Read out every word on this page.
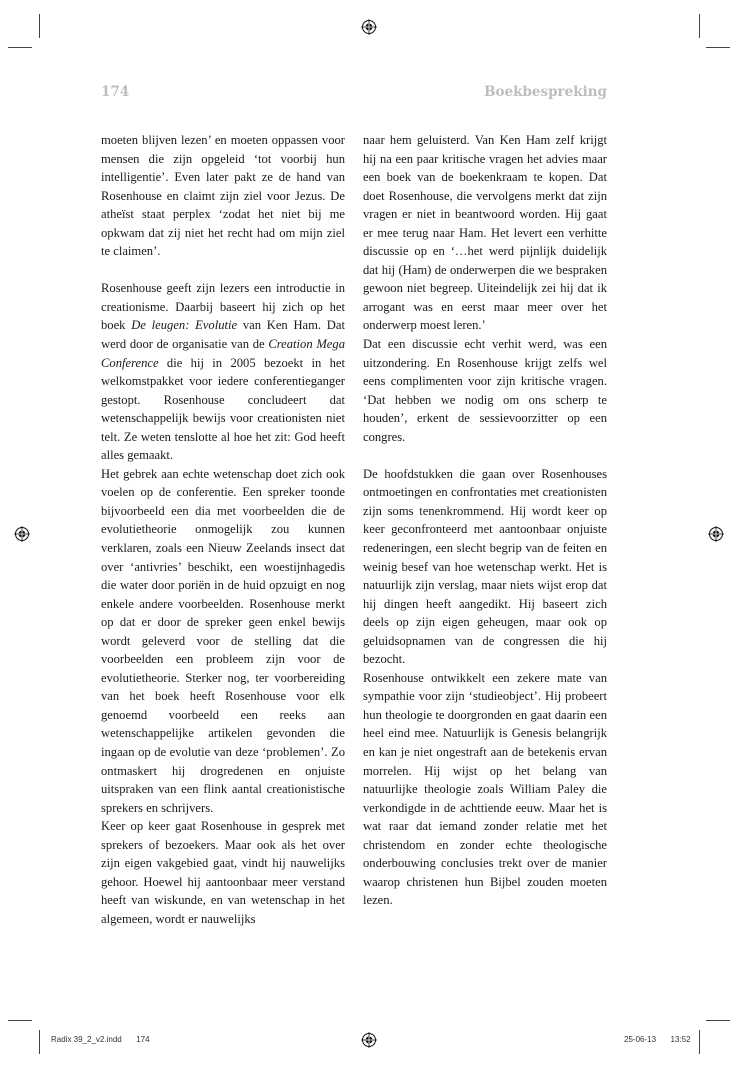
174	Boekbespreking

moeten blijven lezen’ en moeten oppassen voor mensen die zijn opgeleid ‘tot voorbij hun intelligentie’. Even later pakt ze de hand van Rosenhouse en claimt zijn ziel voor Jezus. De atheïst staat perplex ‘zodat het niet bij me opkwam dat zij niet het recht had om mijn ziel te claimen’.

Rosenhouse geeft zijn lezers een introductie in creationisme. Daarbij baseert hij zich op het boek De leugen: Evolutie van Ken Ham. Dat werd door de organisatie van de Creation Mega Conference die hij in 2005 bezoekt in het welkomstpakket voor iedere conferentieganger gestopt. Rosenhouse concludeert dat wetenschappelijk bewijs voor creationisten niet telt. Ze weten tenslotte al hoe het zit: God heeft alles gemaakt.

Het gebrek aan echte wetenschap doet zich ook voelen op de conferentie. Een spreker toonde bijvoorbeeld een dia met voorbeelden die de evolutietheorie onmogelijk zou kunnen verklaren, zoals een Nieuw Zeelands insect dat over ‘antivries’ beschikt, een woestijnhagedis die water door poriën in de huid opzuigt en nog enkele andere voorbeelden. Rosenhouse merkt op dat er door de spreker geen enkel bewijs wordt geleverd voor de stelling dat die voorbeelden een probleem zijn voor de evolutietheorie. Sterker nog, ter voorbereiding van het boek heeft Rosenhouse voor elk genoemd voorbeeld een reeks aan wetenschappelijke artikelen gevonden die ingaan op de evolutie van deze ‘problemen’. Zo ontmaskert hij drogredenen en onjuiste uitspraken van een flink aantal creationistische sprekers en schrijvers.

Keer op keer gaat Rosenhouse in gesprek met sprekers of bezoekers. Maar ook als het over zijn eigen vakgebied gaat, vindt hij nauwelijks gehoor. Hoewel hij aantoonbaar meer verstand heeft van wiskunde, en van wetenschap in het algemeen, wordt er nauwelijks

naar hem geluisterd. Van Ken Ham zelf krijgt hij na een paar kritische vragen het advies maar een boek van de boekenkraam te kopen. Dat doet Rosenhouse, die vervolgens merkt dat zijn vragen er niet in beantwoord worden. Hij gaat er mee terug naar Ham. Het levert een verhitte discussie op en ‘…het werd pijnlijk duidelijk dat hij (Ham) de onderwerpen die we bespraken gewoon niet begreep. Uiteindelijk zei hij dat ik arrogant was en eerst maar meer over het onderwerp moest leren.’

Dat een discussie echt verhit werd, was een uitzondering. En Rosenhouse krijgt zelfs wel eens complimenten voor zijn kritische vragen. ‘Dat hebben we nodig om ons scherp te houden’, erkent de sessievoorzitter op een congres.

De hoofdstukken die gaan over Rosenhouses ontmoetingen en confrontaties met creationisten zijn soms tenenkrommend. Hij wordt keer op keer geconfronteerd met aantoonbaar onjuiste redeneringen, een slecht begrip van de feiten en weinig besef van hoe wetenschap werkt. Het is natuurlijk zijn verslag, maar niets wijst erop dat hij dingen heeft aangedikt. Hij baseert zich deels op zijn eigen geheugen, maar ook op geluidsopnamen van de congressen die hij bezocht.

Rosenhouse ontwikkelt een zekere mate van sympathie voor zijn ‘studieobject’. Hij probeert hun theologie te doorgronden en gaat daarin een heel eind mee. Natuurlijk is Genesis belangrijk en kan je niet ongestraft aan de betekenis ervan morrelen. Hij wijst op het belang van natuurlijke theologie zoals William Paley die verkondigde in de achttiende eeuw. Maar het is wat raar dat iemand zonder relatie met het christendom en zonder echte theologische onderbouwing conclusies trekt over de manier waarop christenen hun Bijbel zouden moeten lezen.

Radix 39_2_v2.indd 174	25-06-13 13:52
